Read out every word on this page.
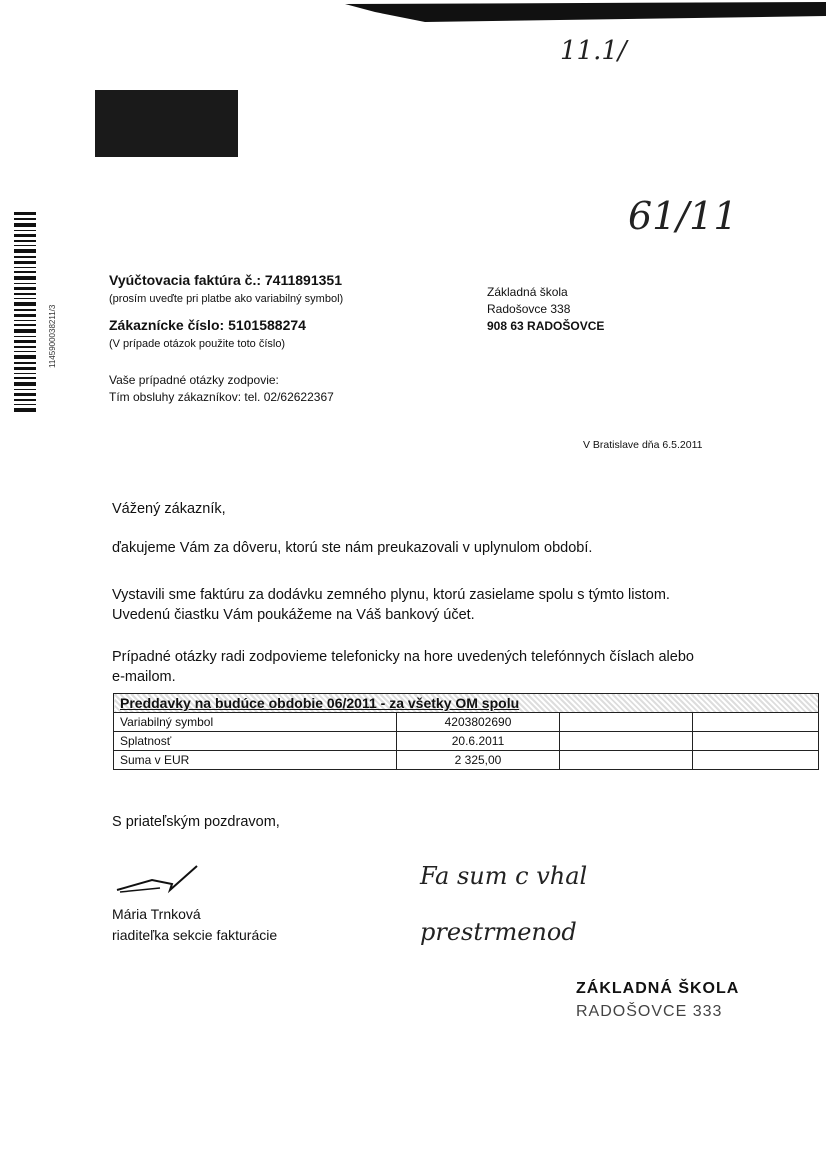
11.1/
61/11
1145900038211/3
Vyúčtovacia faktúra č.: 7411891351
(prosím uveďte pri platbe ako variabilný symbol)
Zákaznícke číslo: 5101588274
(V prípade otázok použite toto číslo)
Vaše prípadné otázky zodpovie:
Tím obsluhy zákazníkov: tel. 02/62622367
Základná škola
Radošovce 338
908 63 RADOŠOVCE
V Bratislave dňa 6.5.2011
Vážený zákazník,
ďakujeme Vám za dôveru, ktorú ste nám preukazovali v uplynulom období.
Vystavili sme faktúru za dodávku zemného plynu, ktorú zasielame spolu s týmto listom.
Uvedenú čiastku Vám poukážeme na Váš bankový účet.
Prípadné otázky radi zodpovieme telefonicky na hore uvedených telefónnych číslach alebo
e-mailom.
Preddavky na budúce obdobie 06/2011 - za všetky OM spolu			
Variabilný symbol	4203802690		
Splatnosť	20.6.2011		
Suma v EUR	2 325,00		
S priateľským pozdravom,
Mária Trnková
riaditeľka sekcie fakturácie
Fa sum c vhal
prestrmenod
ZÁKLADNÁ ŠKOLA
RADOŠOVCE 333
